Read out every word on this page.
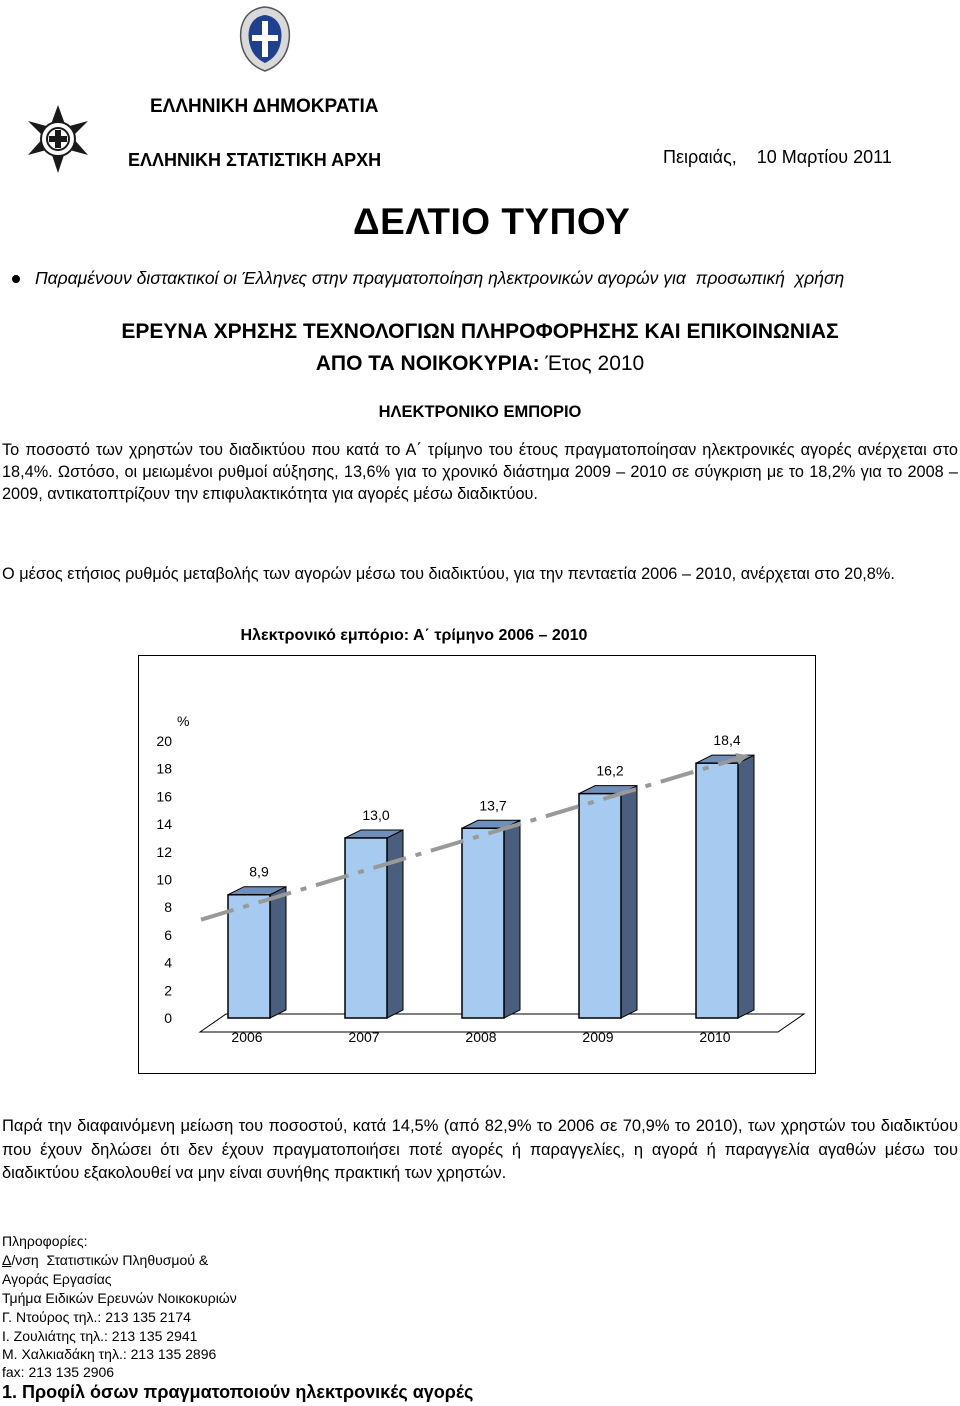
ΕΛΛΗΝΙΚΗ ΔΗΜΟΚΡΑΤΙΑ
ΕΛΛΗΝΙΚΗ ΣΤΑΤΙΣΤΙΚΗ ΑΡΧΗ	Πειραιάς,    10 Μαρτίου 2011
ΔΕΛΤΙΟ ΤΥΠΟΥ
Παραμένουν διστακτικοί οι Έλληνες στην πραγματοποίηση ηλεκτρονικών αγορών για  προσωπική  χρήση
ΕΡΕΥΝΑ ΧΡΗΣΗΣ ΤΕΧΝΟΛΟΓΙΩΝ ΠΛΗΡΟΦΟΡΗΣΗΣ ΚΑΙ ΕΠΙΚΟΙΝΩΝΙΑΣ
ΑΠΟ ΤΑ ΝΟΙΚΟΚΥΡΙΑ: Έτος 2010
ΗΛΕΚΤΡΟΝΙΚΟ ΕΜΠΟΡΙΟ
Το ποσοστό των χρηστών του διαδικτύου που κατά το Α΄ τρίμηνο του έτους πραγματοποίησαν ηλεκτρονικές αγορές ανέρχεται στο 18,4%. Ωστόσο, οι μειωμένοι ρυθμοί αύξησης, 13,6% για το χρονικό διάστημα 2009 – 2010 σε σύγκριση με το 18,2% για το 2008 – 2009, αντικατοπτρίζουν την επιφυλακτικότητα για αγορές μέσω διαδικτύου.
Ο μέσος ετήσιος ρυθμός μεταβολής των αγορών μέσω του διαδικτύου, για την πενταετία 2006 – 2010, ανέρχεται στο 20,8%.
Ηλεκτρονικό εμπόριο: Α΄ τρίμηνο 2006 – 2010
0
2
4
6
8
10
12
14
16
18
20
%
8,9
2006
13,0
2007
13,7
2008
16,2
2009
18,4
2010
Παρά την διαφαινόμενη μείωση του ποσοστού, κατά 14,5% (από 82,9% το 2006 σε 70,9% το 2010), των χρηστών του διαδικτύου που έχουν δηλώσει ότι δεν έχουν πραγματοποιήσει ποτέ αγορές ή παραγγελίες, η αγορά ή παραγγελία αγαθών μέσω του διαδικτύου εξακολουθεί να μην είναι συνήθης πρακτική των χρηστών.
Πληροφορίες:
Δ/νση  Στατιστικών Πληθυσμού &
Αγοράς Εργασίας
Τμήμα Ειδικών Ερευνών Νοικοκυριών
Γ. Ντούρος τηλ.: 213 135 2174
Ι. Ζουλιάτης τηλ.: 213 135 2941
Μ. Χαλκιαδάκη τηλ.: 213 135 2896
fax: 213 135 2906
1. Προφίλ όσων πραγματοποιούν ηλεκτρονικές αγορές
